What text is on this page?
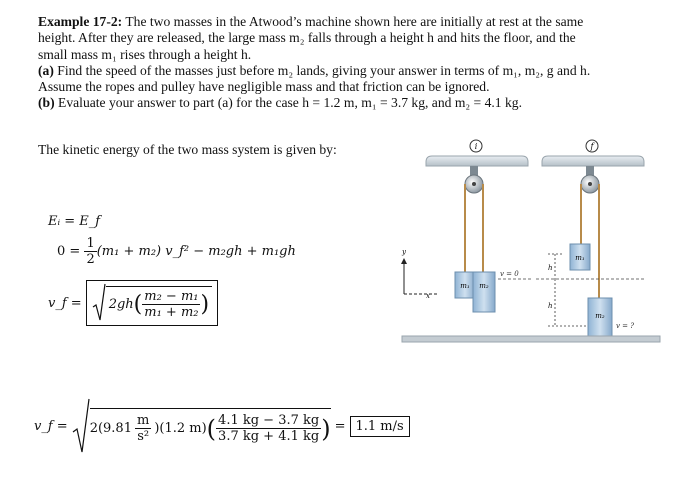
Example 17-2: The two masses in the Atwood’s machine shown here are initially at rest at the same

height. After they are released, the large mass m₂ falls through a height h and hits the floor, and the

small mass m₁ rises through a height h.

(a) Find the speed of the masses just before m₂ lands, giving your answer in terms of m₁, m₂, g and h.

Assume the ropes and pulley have negligible mass and that friction can be ignored.

(b) Evaluate your answer to part (a) for the case h = 1.2 m, m₁ = 3.7 kg, and m₂ = 4.1 kg.

The kinetic energy of the two mass system is given by:
Eᵢ = E_f
$0 = \frac{1}{2} (m_1 + m_2)$ v_f² − m₂gh + m₁gh
v_f = 2gh ( $\frac{\text{m₂ − m₁}}{\text{m₁ + m₂}}$ )
v_f = $2(9.81 \frac{m}{\text{s²}} )(1.2$ m) ( $\frac{4.1 kg - 3.7 kg}{3.7 kg + 4.1 kg}$ ) = 1.1 m/s
i	f
m₁ m₂
v = 0
y
x
h
m₁
h
m₂
v = ?
